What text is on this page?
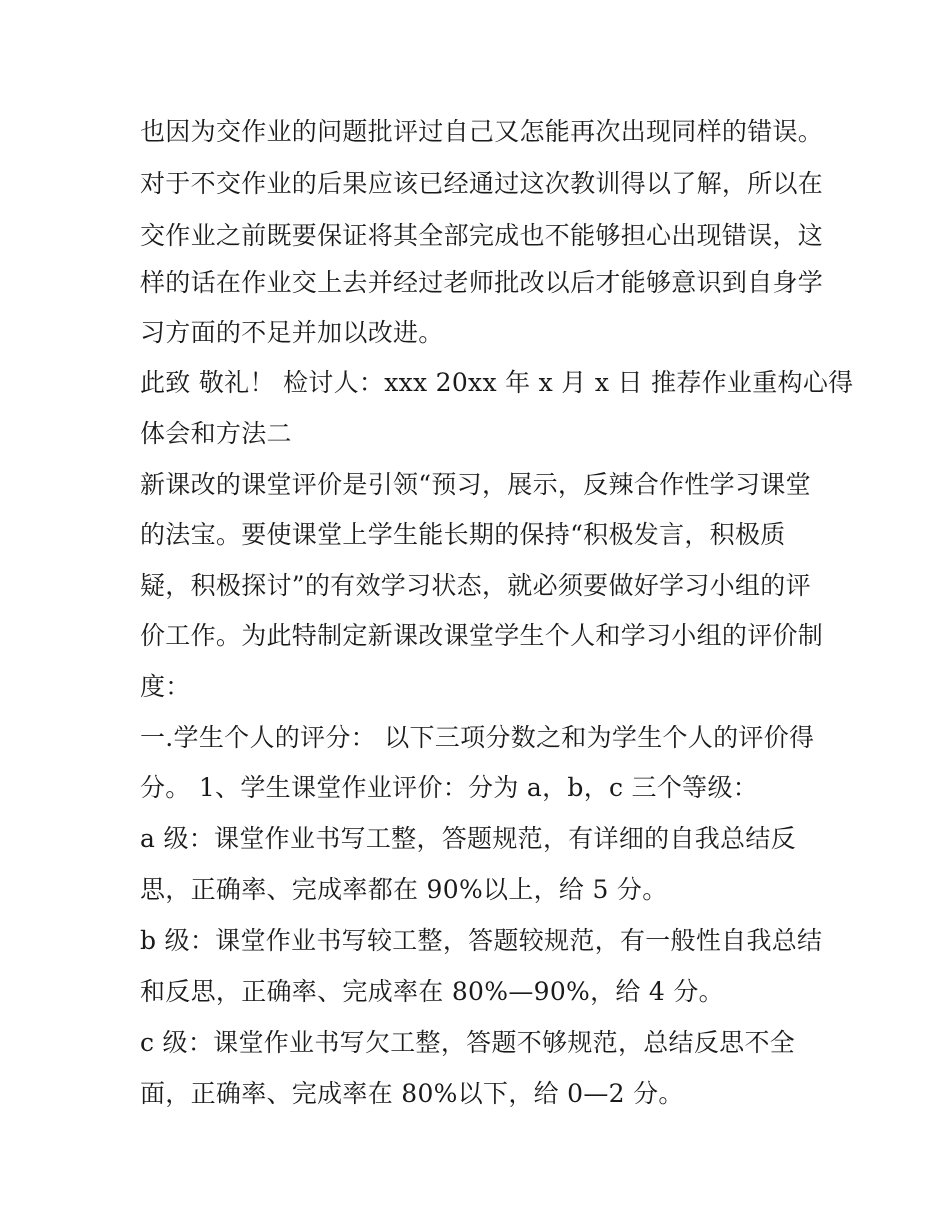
也因为交作业的问题批评过自己又怎能再次出现同样的错误。
对于不交作业的后果应该已经通过这次教训得以了解，所以在
交作业之前既要保证将其全部完成也不能够担心出现错误，这
样的话在作业交上去并经过老师批改以后才能够意识到自身学
习方面的不足并加以改进。
此致 敬礼！ 检讨人：xxx 20xx 年 x 月 x 日 推荐作业重构心得
体会和方法二
新课改的课堂评价是引领“预习，展示，反辣合作性学习课堂
的法宝。要使课堂上学生能长期的保持“积极发言，积极质
疑，积极探讨”的有效学习状态，就必须要做好学习小组的评
价工作。为此特制定新课改课堂学生个人和学习小组的评价制
度：
一.学生个人的评分： 以下三项分数之和为学生个人的评价得
分。 1、学生课堂作业评价：分为 a，b，c 三个等级：
a 级：课堂作业书写工整，答题规范，有详细的自我总结反
思，正确率、完成率都在 90%以上，给 5 分。
b 级：课堂作业书写较工整，答题较规范，有一般性自我总结
和反思，正确率、完成率在 80%—90%，给 4 分。
c 级：课堂作业书写欠工整，答题不够规范，总结反思不全
面，正确率、完成率在 80%以下，给 0—2 分。
